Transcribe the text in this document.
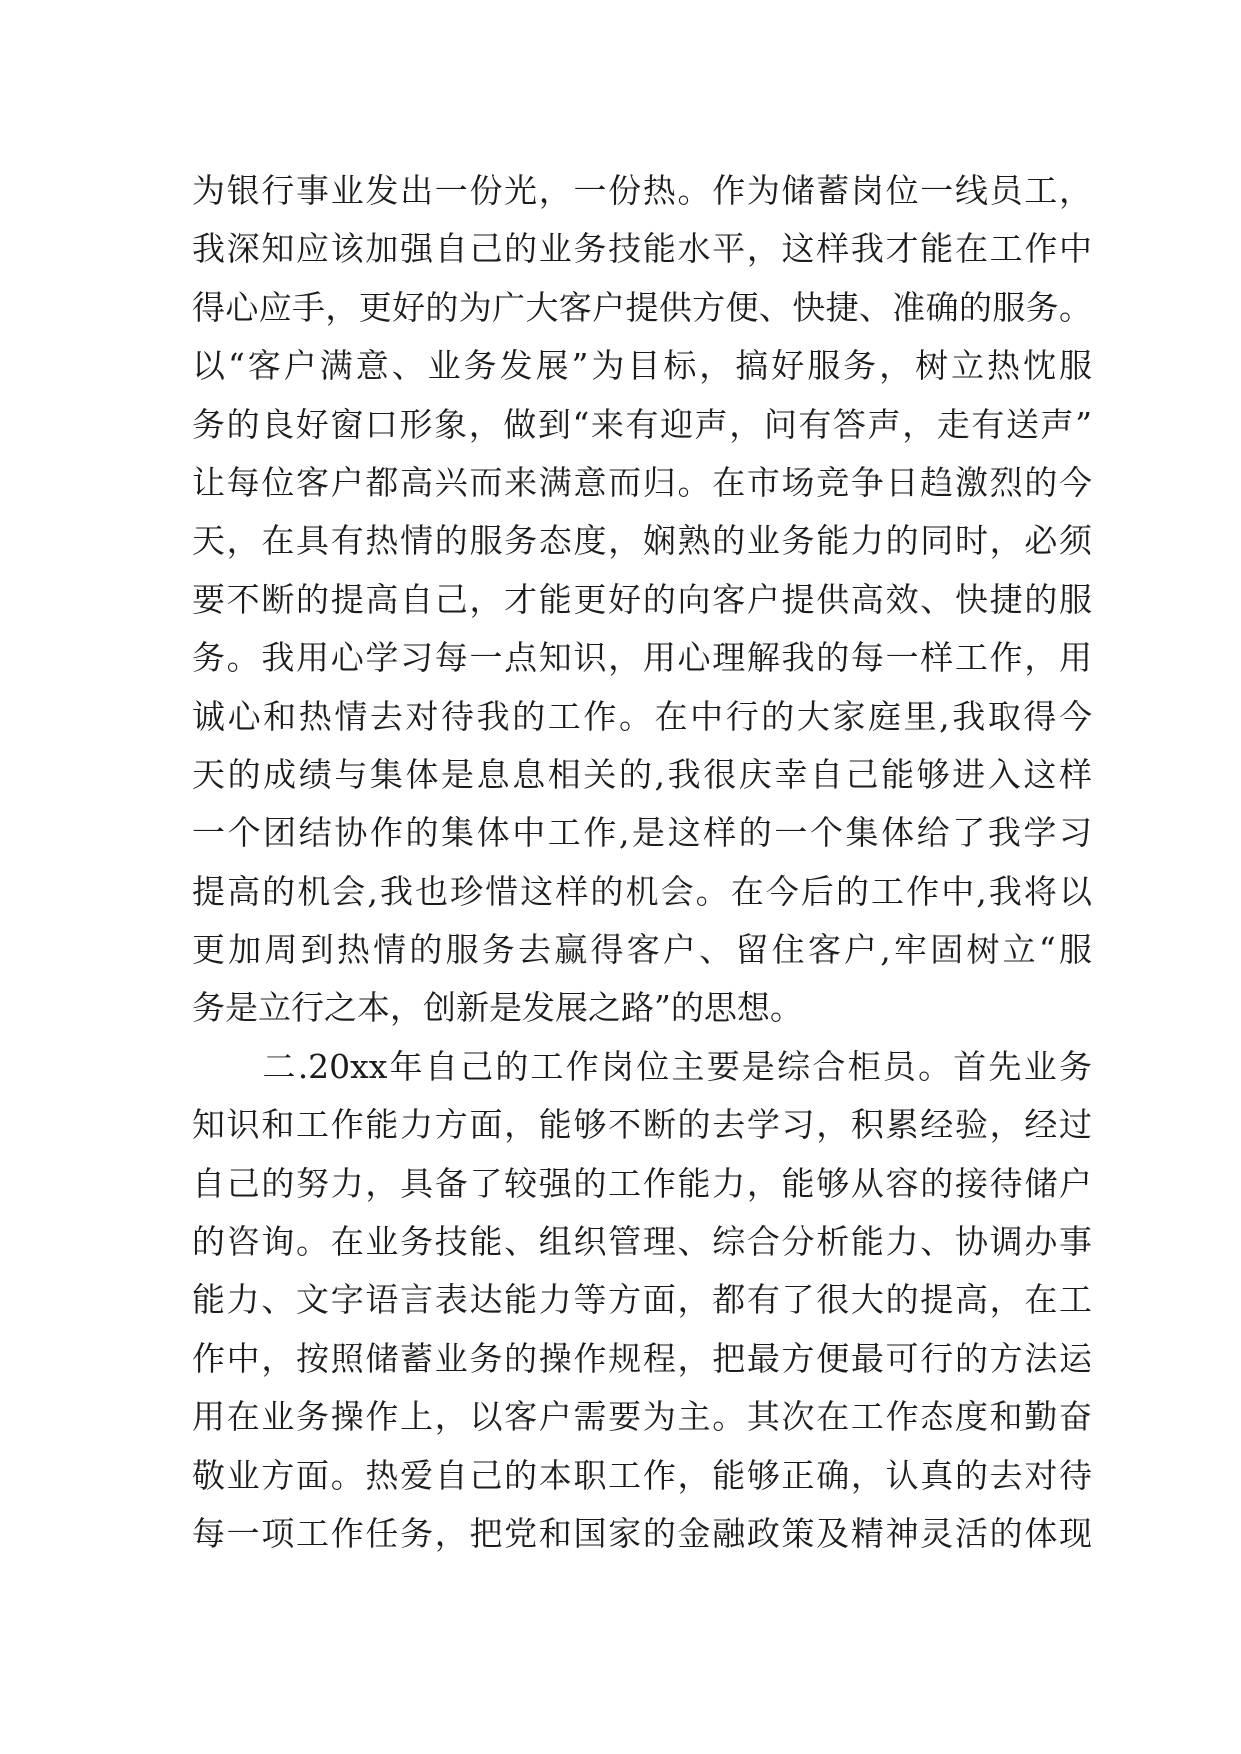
为银行事业发出一份光，一份热。作为储蓄岗位一线员工，
我深知应该加强自己的业务技能水平，这样我才能在工作中
得心应手，更好的为广大客户提供方便、快捷、准确的服务。
以“客户满意、业务发展”为目标，搞好服务，树立热忱服
务的良好窗口形象，做到“来有迎声，问有答声，走有送声”
让每位客户都高兴而来满意而归。在市场竞争日趋激烈的今
天，在具有热情的服务态度，娴熟的业务能力的同时，必须
要不断的提高自己，才能更好的向客户提供高效、快捷的服
务。我用心学习每一点知识，用心理解我的每一样工作，用
诚心和热情去对待我的工作。在中行的大家庭里,我取得今
天的成绩与集体是息息相关的,我很庆幸自己能够进入这样
一个团结协作的集体中工作,是这样的一个集体给了我学习
提高的机会,我也珍惜这样的机会。在今后的工作中,我将以
更加周到热情的服务去赢得客户、留住客户,牢固树立“服
务是立行之本，创新是发展之路”的思想。
　　二.20xx年自己的工作岗位主要是综合柜员。首先业务
知识和工作能力方面，能够不断的去学习，积累经验，经过
自己的努力，具备了较强的工作能力，能够从容的接待储户
的咨询。在业务技能、组织管理、综合分析能力、协调办事
能力、文字语言表达能力等方面，都有了很大的提高，在工
作中，按照储蓄业务的操作规程，把最方便最可行的方法运
用在业务操作上，以客户需要为主。其次在工作态度和勤奋
敬业方面。热爱自己的本职工作，能够正确，认真的去对待
每一项工作任务，把党和国家的金融政策及精神灵活的体现
